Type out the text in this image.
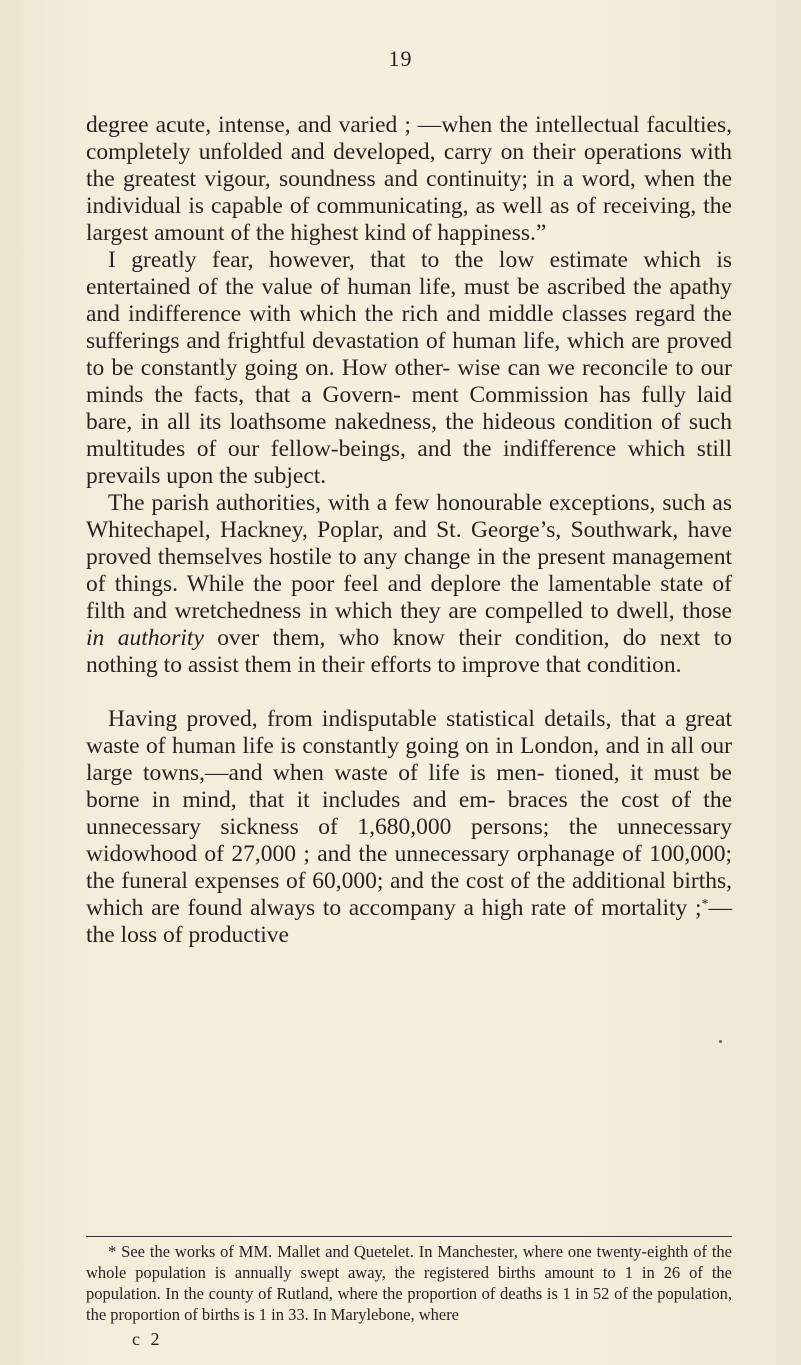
19

degree acute, intense, and varied ; —when the intellectual faculties, completely unfolded and developed, carry on their operations with the greatest vigour, soundness and continuity; in a word, when the individual is capable of communicating, as well as of receiving, the largest amount of the highest kind of happiness.”

I greatly fear, however, that to the low estimate which is entertained of the value of human life, must be ascribed the apathy and indifference with which the rich and middle classes regard the sufferings and frightful devastation of human life, which are proved to be constantly going on. How other- wise can we reconcile to our minds the facts, that a Govern- ment Commission has fully laid bare, in all its loathsome nakedness, the hideous condition of such multitudes of our fellow-beings, and the indifference which still prevails upon the subject.

The parish authorities, with a few honourable exceptions, such as Whitechapel, Hackney, Poplar, and St. George’s, Southwark, have proved themselves hostile to any change in the present management of things. While the poor feel and deplore the lamentable state of filth and wretchedness in which they are compelled to dwell, those in authority over them, who know their condition, do next to nothing to assist them in their efforts to improve that condition.

Having proved, from indisputable statistical details, that a great waste of human life is constantly going on in London, and in all our large towns,—and when waste of life is men- tioned, it must be borne in mind, that it includes and em- braces the cost of the unnecessary sickness of 1,680,000 persons; the unnecessary widowhood of 27,000 ; and the unnecessary orphanage of 100,000; the funeral expenses of 60,000; and the cost of the additional births, which are found always to accompany a high rate of mortality ;*—the loss of productive

* See the works of MM. Mallet and Quetelet. In Manchester, where one twenty-eighth of the whole population is annually swept away, the registered births amount to 1 in 26 of the population. In the county of Rutland, where the proportion of deaths is 1 in 52 of the population, the proportion of births is 1 in 33. In Marylebone, where
c 2
